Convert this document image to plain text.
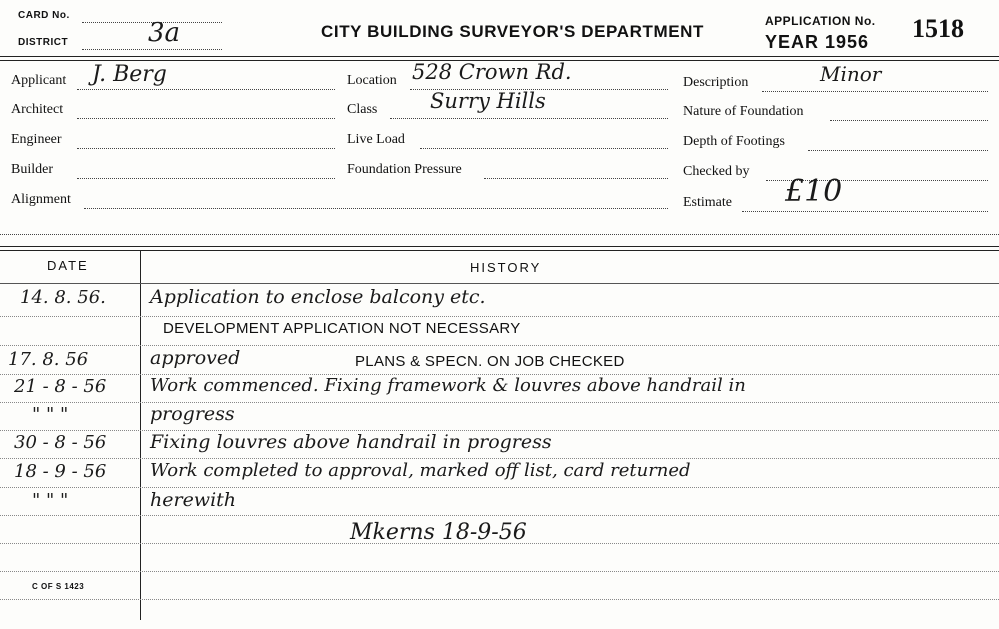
CARD No.
DISTRICT	3a	CITY BUILDING SURVEYOR'S DEPARTMENT
APPLICATION No.
YEAR 1956 1518
Applicant J. Berg
Architect
Engineer
Builder
Alignment
Location 528 Crown Rd.
Class	Surry Hills
Live Load
Foundation Pressure
Description	Minor
Nature of Foundation
Depth of Footings
Checked by
Estimate £10
DATE	HISTORY
14. 8. 56. Application to enclose balcony etc.
DEVELOPMENT APPLICATION NOT NECESSARY
17. 8. 56	approved	PLANS & SPECN. ON JOB CHECKED
21 - 8 - 56 Work commenced. Fixing framework & louvres above handrail in
" " "	progress
30 - 8 - 56 Fixing louvres above handrail in progress
18 - 9 - 56 Work completed to approval, marked off list, card returned
" " "	herewith
Mkerns 18-9-56
C OF S 1423
